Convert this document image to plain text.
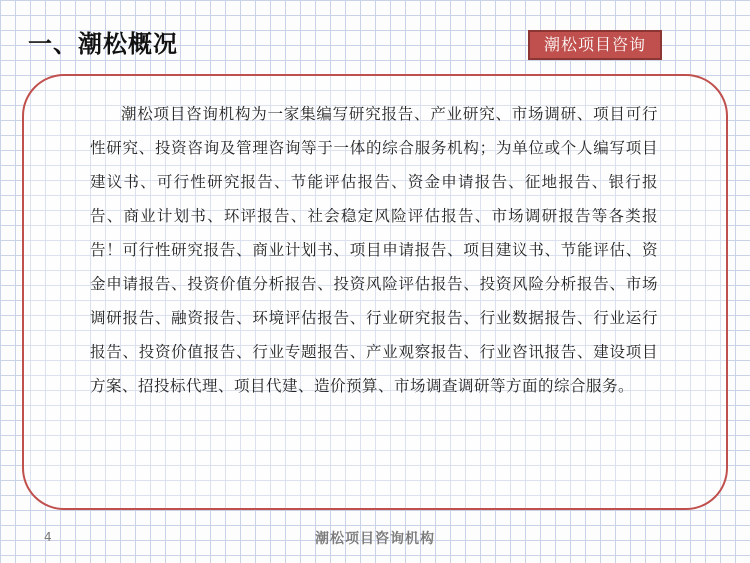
一、潮松概况	潮松项目咨询

潮松项目咨询机构为一家集编写研究报告、产业研究、市场调研、项目可行性研究、投资咨询及管理咨询等于一体的综合服务机构；为单位或个人编写项目建议书、可行性研究报告、节能评估报告、资金申请报告、征地报告、银行报告、商业计划书、环评报告、社会稳定风险评估报告、市场调研报告等各类报告！可行性研究报告、商业计划书、项目申请报告、项目建议书、节能评估、资金申请报告、投资价值分析报告、投资风险评估报告、投资风险分析报告、市场调研报告、融资报告、环境评估报告、行业研究报告、行业数据报告、行业运行报告、投资价值报告、行业专题报告、产业观察报告、行业咨讯报告、建设项目方案、招投标代理、项目代建、造价预算、市场调查调研等方面的综合服务。

4	潮松项目咨询机构
